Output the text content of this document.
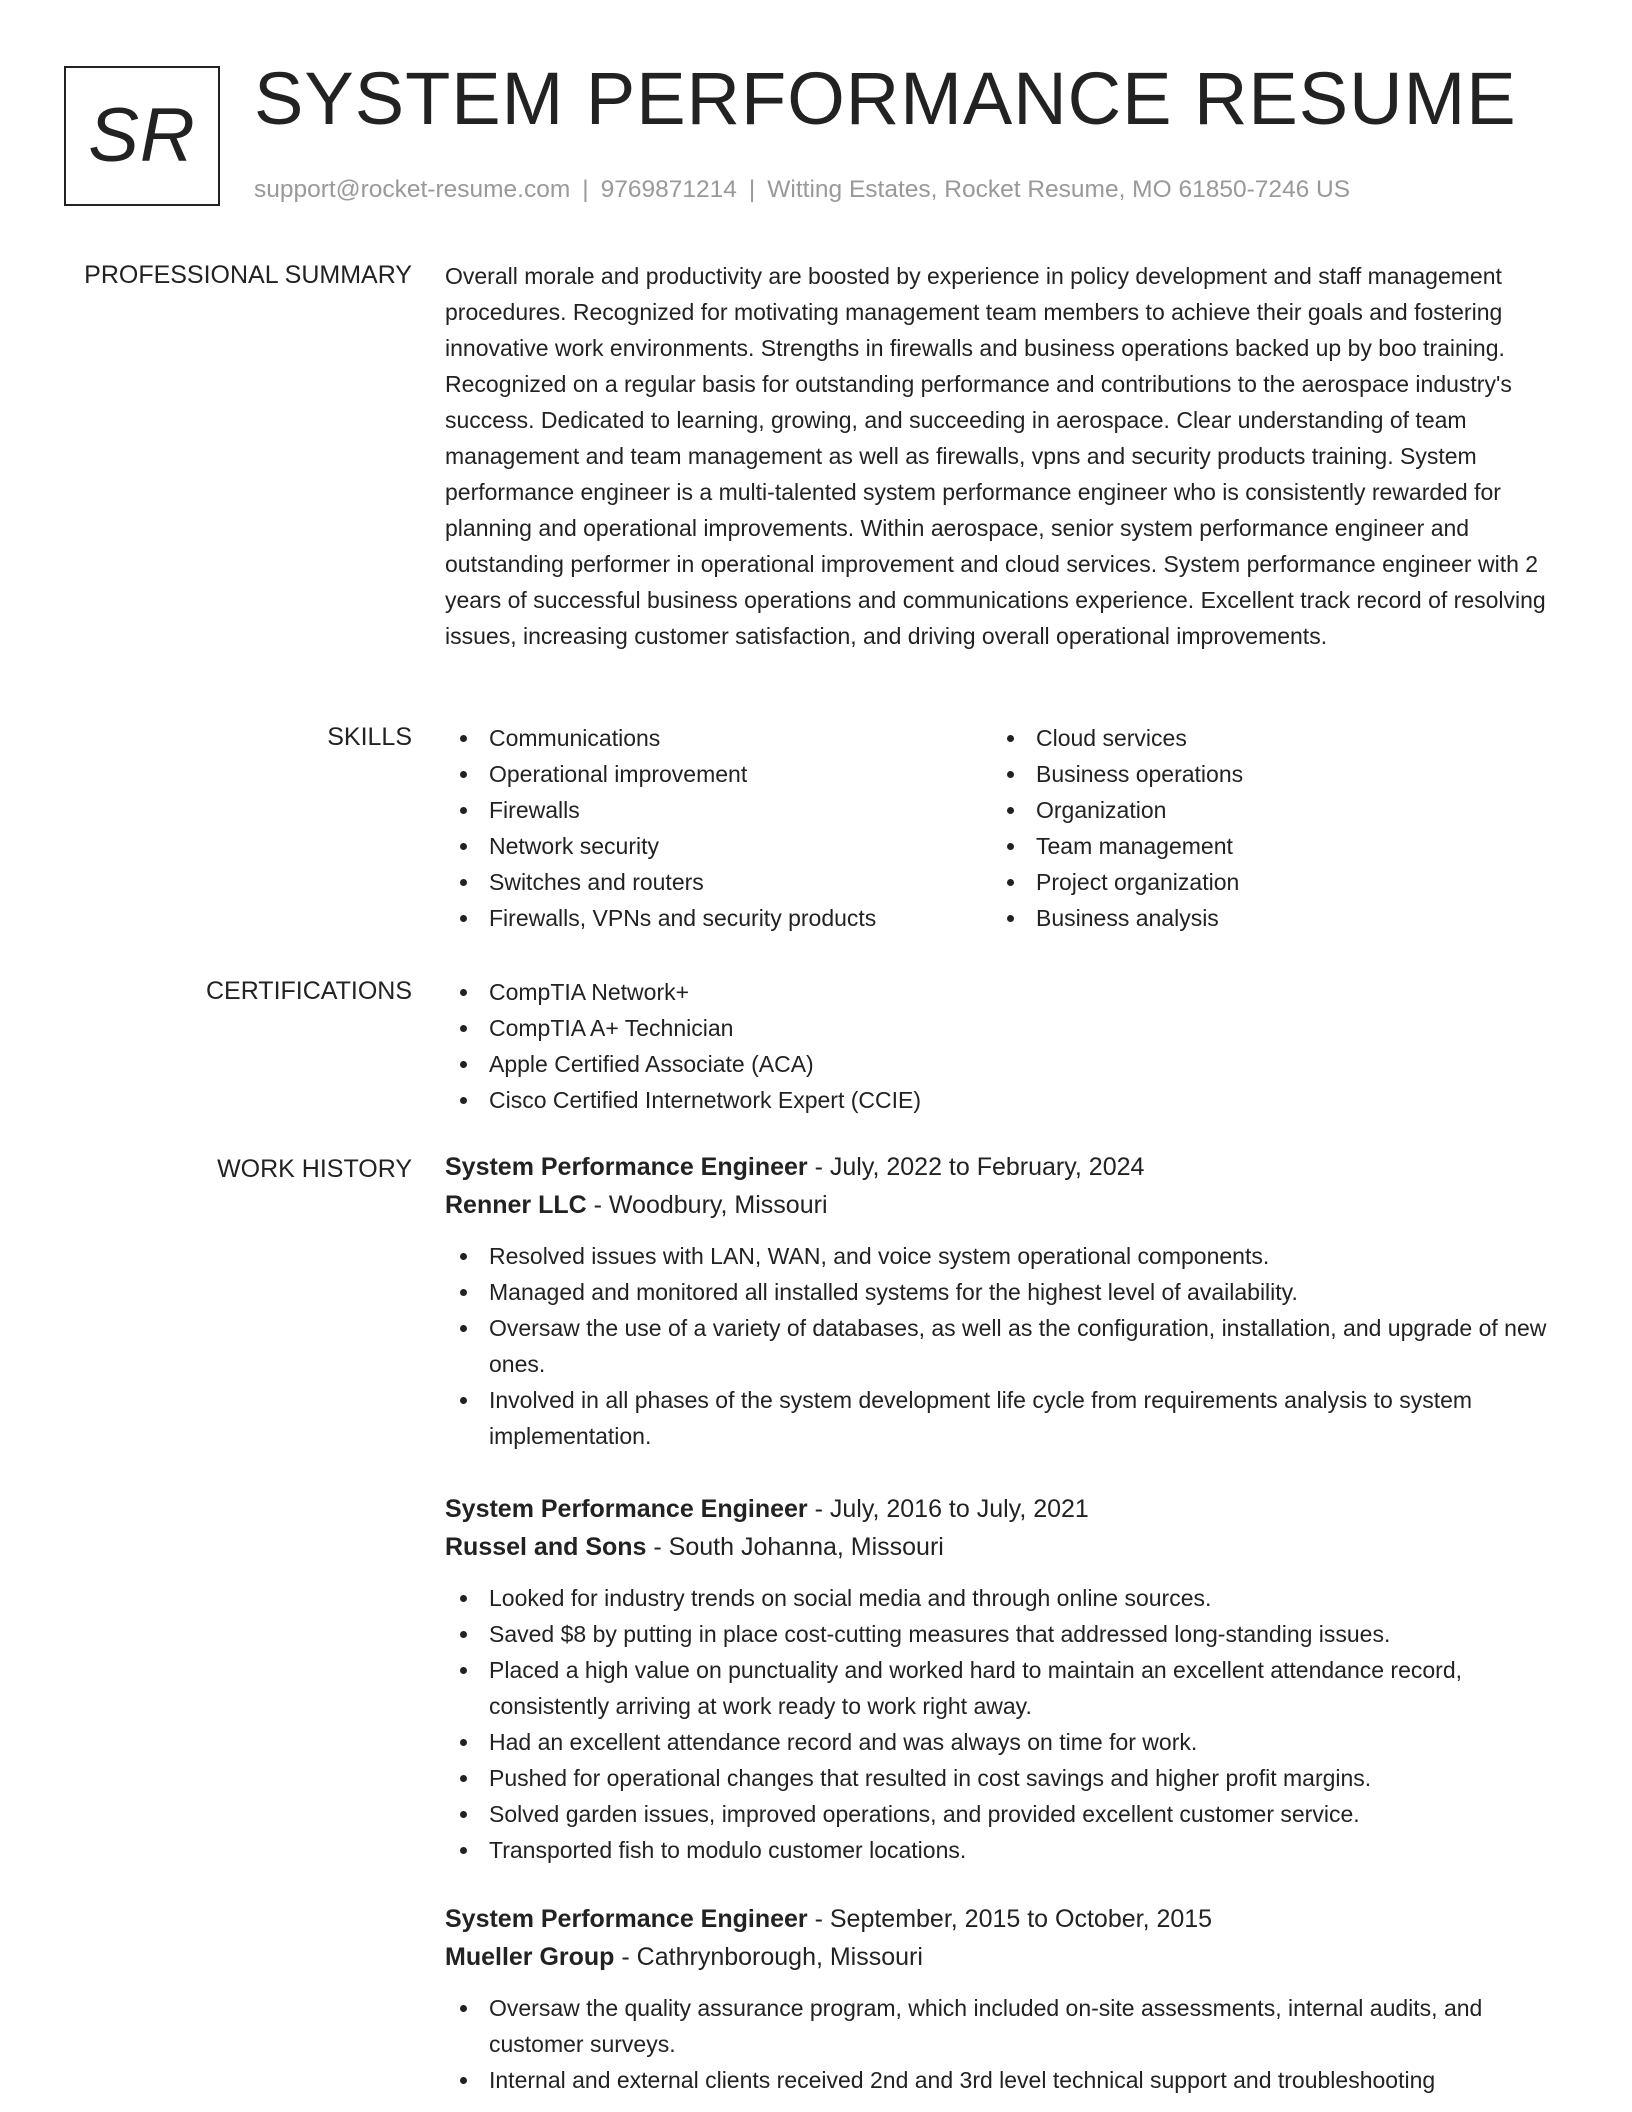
SR SYSTEM PERFORMANCE RESUME
support@rocket-resume.com | 9769871214 | Witting Estates, Rocket Resume, MO 61850-7246 US
PROFESSIONAL SUMMARY Overall morale and productivity are boosted by experience in policy development and staff management procedures. Recognized for motivating management team members to achieve their goals and fostering innovative work environments. Strengths in firewalls and business operations backed up by boo training. Recognized on a regular basis for outstanding performance and contributions to the aerospace industry's success. Dedicated to learning, growing, and succeeding in aerospace. Clear understanding of team management and team management as well as firewalls, vpns and security products training. System performance engineer is a multi-talented system performance engineer who is consistently rewarded for planning and operational improvements. Within aerospace, senior system performance engineer and outstanding performer in operational improvement and cloud services. System performance engineer with 2 years of successful business operations and communications experience. Excellent track record of resolving issues, increasing customer satisfaction, and driving overall operational improvements.

SKILLS	Communications
Operational improvement
Firewalls
Network security
Switches and routers
Firewalls, VPNs and security products
Cloud services
Business operations
Organization
Team management
Project organization
Business analysis
CERTIFICATIONS	CompTIA Network+
CompTIA A+ Technician
Apple Certified Associate (ACA)
Cisco Certified Internetwork Expert (CCIE)
WORK HISTORY System Performance Engineer - July, 2022 to February, 2024
Renner LLC - Woodbury, Missouri
Resolved issues with LAN, WAN, and voice system operational components.
Managed and monitored all installed systems for the highest level of availability.
Oversaw the use of a variety of databases, as well as the configuration, installation, and upgrade of new ones.
Involved in all phases of the system development life cycle from requirements analysis to system implementation.
System Performance Engineer - July, 2016 to July, 2021
Russel and Sons - South Johanna, Missouri
Looked for industry trends on social media and through online sources.
Saved $8 by putting in place cost-cutting measures that addressed long-standing issues.
Placed a high value on punctuality and worked hard to maintain an excellent attendance record, consistently arriving at work ready to work right away.
Had an excellent attendance record and was always on time for work.
Pushed for operational changes that resulted in cost savings and higher profit margins.
Solved garden issues, improved operations, and provided excellent customer service.
Transported fish to modulo customer locations.
System Performance Engineer - September, 2015 to October, 2015
Mueller Group - Cathrynborough, Missouri
Oversaw the quality assurance program, which included on-site assessments, internal audits, and customer surveys.
Internal and external clients received 2nd and 3rd level technical support and troubleshooting
